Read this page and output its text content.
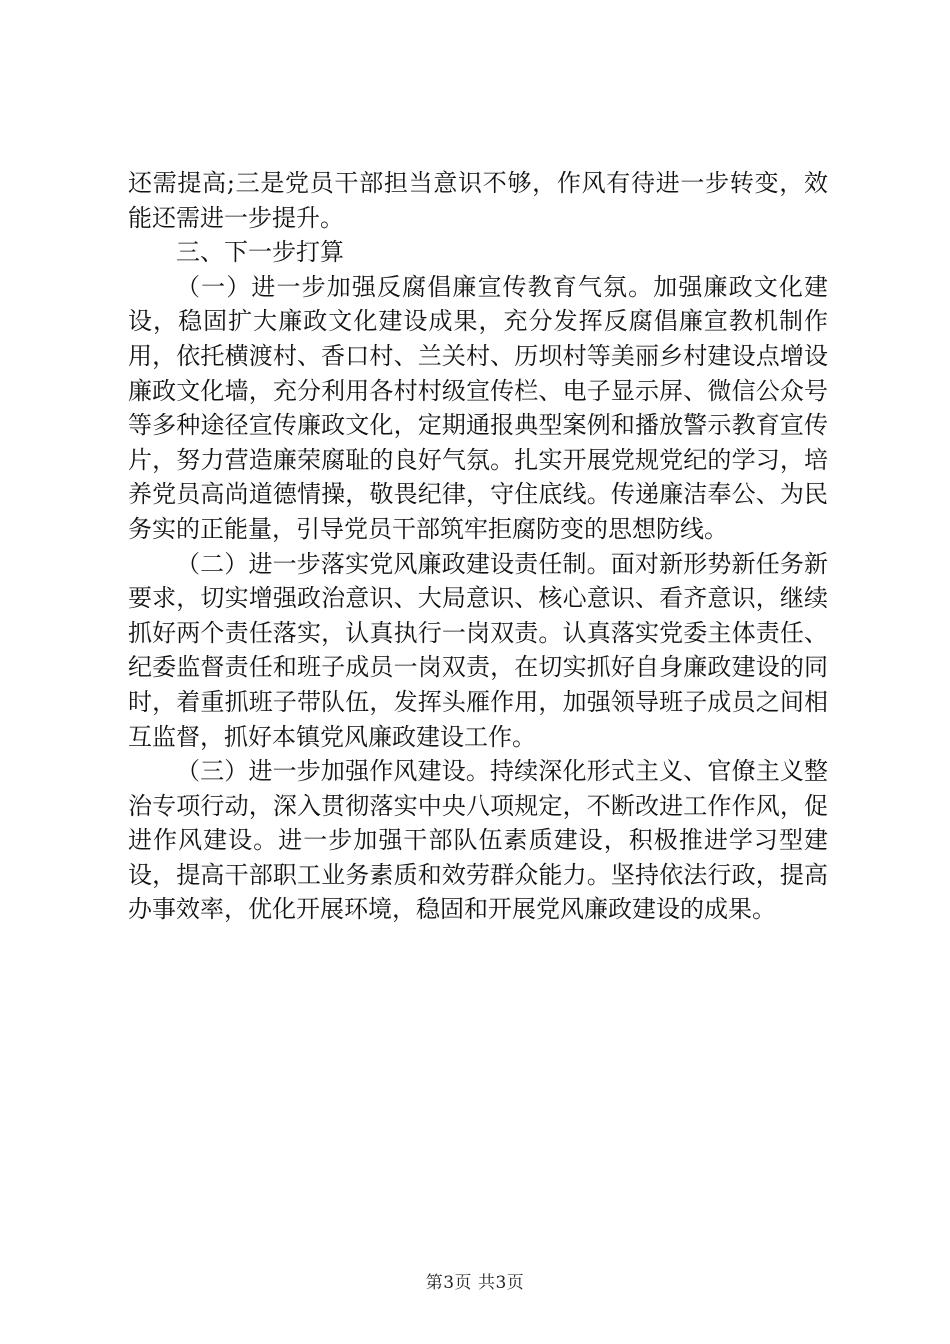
还需提高;三是党员干部担当意识不够，作风有待进一步转变，效能还需进一步提升。

三、下一步打算

（一）进一步加强反腐倡廉宣传教育气氛。加强廉政文化建设，稳固扩大廉政文化建设成果，充分发挥反腐倡廉宣教机制作用，依托横渡村、香口村、兰关村、历坝村等美丽乡村建设点增设廉政文化墙，充分利用各村村级宣传栏、电子显示屏、微信公众号等多种途径宣传廉政文化，定期通报典型案例和播放警示教育宣传片，努力营造廉荣腐耻的良好气氛。扎实开展党规党纪的学习，培养党员高尚道德情操，敬畏纪律，守住底线。传递廉洁奉公、为民务实的正能量，引导党员干部筑牢拒腐防变的思想防线。

（二）进一步落实党风廉政建设责任制。面对新形势新任务新要求，切实增强政治意识、大局意识、核心意识、看齐意识，继续抓好两个责任落实，认真执行一岗双责。认真落实党委主体责任、纪委监督责任和班子成员一岗双责，在切实抓好自身廉政建设的同时，着重抓班子带队伍，发挥头雁作用，加强领导班子成员之间相互监督，抓好本镇党风廉政建设工作。

（三）进一步加强作风建设。持续深化形式主义、官僚主义整治专项行动，深入贯彻落实中央八项规定，不断改进工作作风，促进作风建设。进一步加强干部队伍素质建设，积极推进学习型建设，提高干部职工业务素质和效劳群众能力。坚持依法行政，提高办事效率，优化开展环境，稳固和开展党风廉政建设的成果。

第3页 共3页
